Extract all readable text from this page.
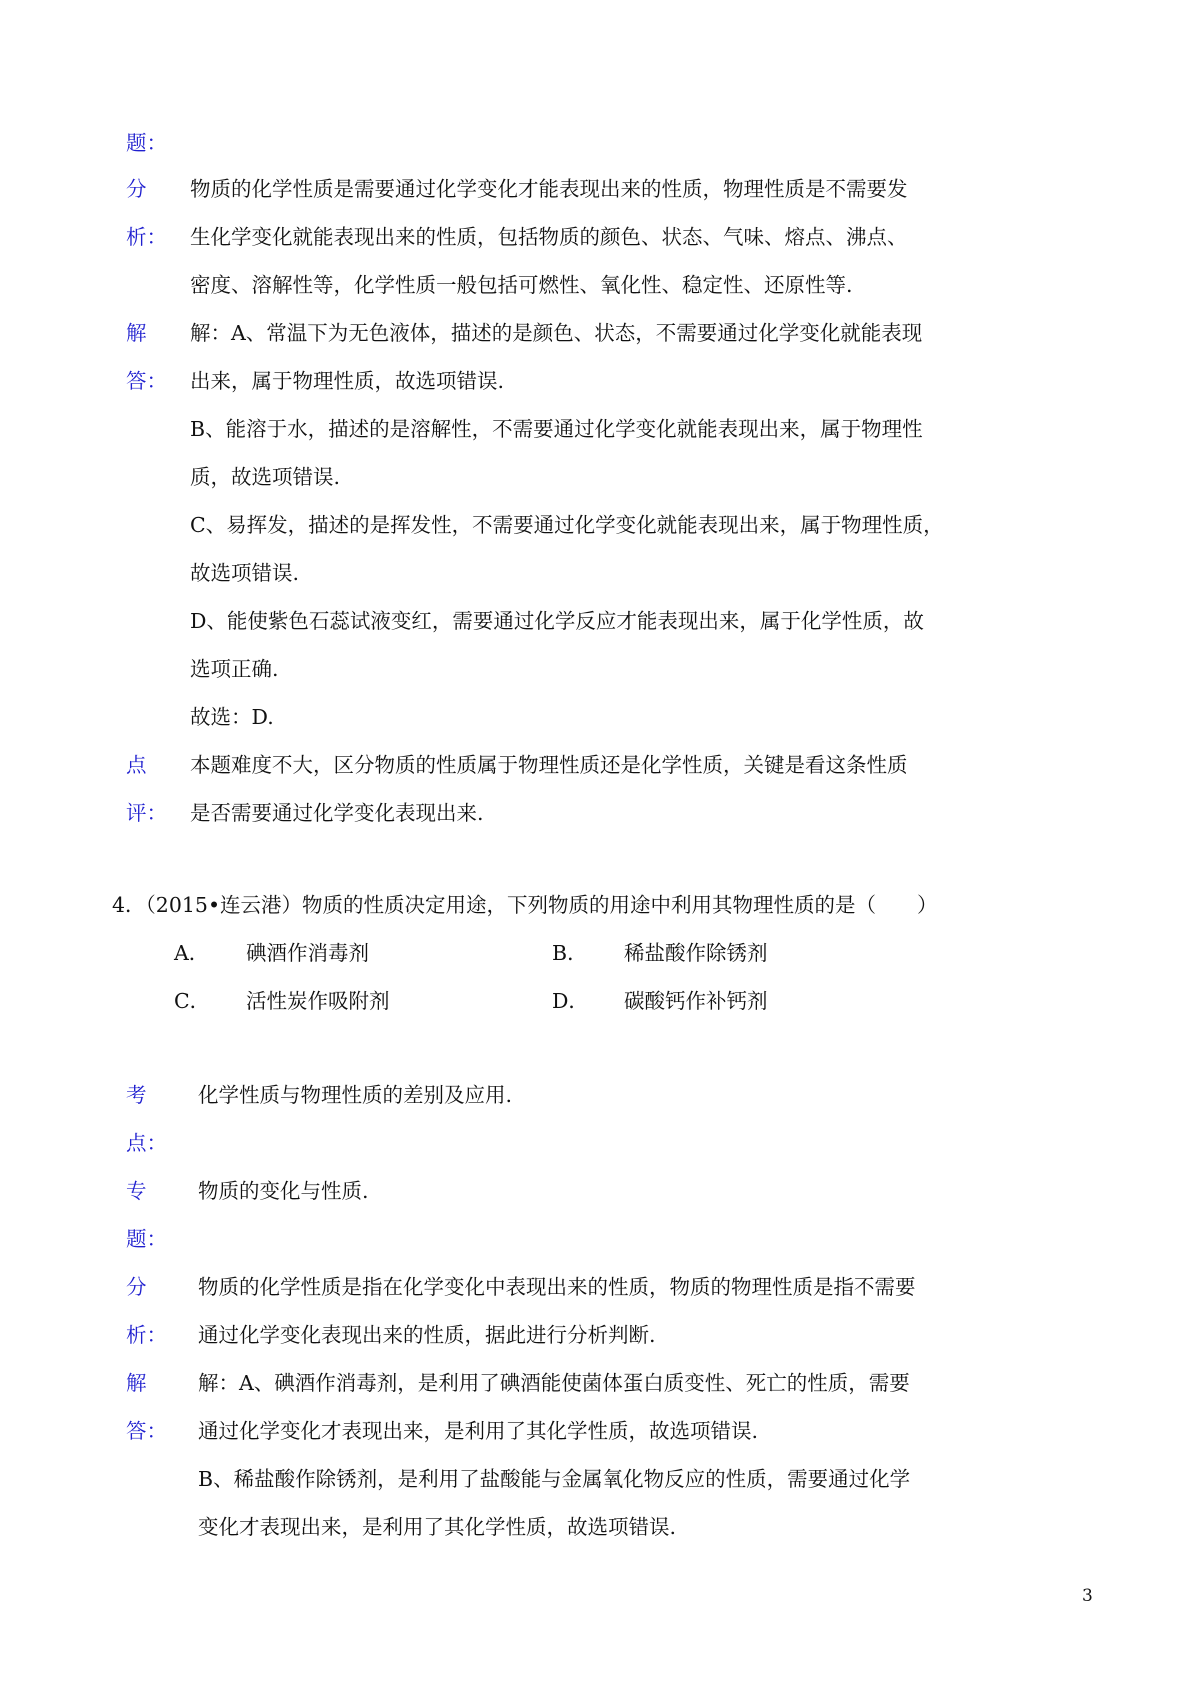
题：
分
析：
物质的化学性质是需要通过化学变化才能表现出来的性质，物理性质是不需要发
生化学变化就能表现出来的性质，包括物质的颜色、状态、气味、熔点、沸点、
密度、溶解性等，化学性质一般包括可燃性、氧化性、稳定性、还原性等.
解
答：
解：A、常温下为无色液体，描述的是颜色、状态，不需要通过化学变化就能表现
出来，属于物理性质，故选项错误.
B、能溶于水，描述的是溶解性，不需要通过化学变化就能表现出来，属于物理性
质，故选项错误.
C、易挥发，描述的是挥发性，不需要通过化学变化就能表现出来，属于物理性质，
故选项错误.
D、能使紫色石蕊试液变红，需要通过化学反应才能表现出来，属于化学性质，故
选项正确.
故选：D.
点
评：
本题难度不大，区分物质的性质属于物理性质还是化学性质，关键是看这条性质
是否需要通过化学变化表现出来.
4．（2015•连云港）物质的性质决定用途，下列物质的用途中利用其物理性质的是（　　）
A． 碘酒作消毒剂	B． 稀盐酸作除锈剂
C． 活性炭作吸附剂	D． 碳酸钙作补钙剂
考
点：
化学性质与物理性质的差别及应用.
专
题：
物质的变化与性质.
分
析：
物质的化学性质是指在化学变化中表现出来的性质，物质的物理性质是指不需要
通过化学变化表现出来的性质，据此进行分析判断.
解
答：
解：A、碘酒作消毒剂，是利用了碘酒能使菌体蛋白质变性、死亡的性质，需要
通过化学变化才表现出来，是利用了其化学性质，故选项错误.
B、稀盐酸作除锈剂，是利用了盐酸能与金属氧化物反应的性质，需要通过化学
变化才表现出来，是利用了其化学性质，故选项错误.
3
